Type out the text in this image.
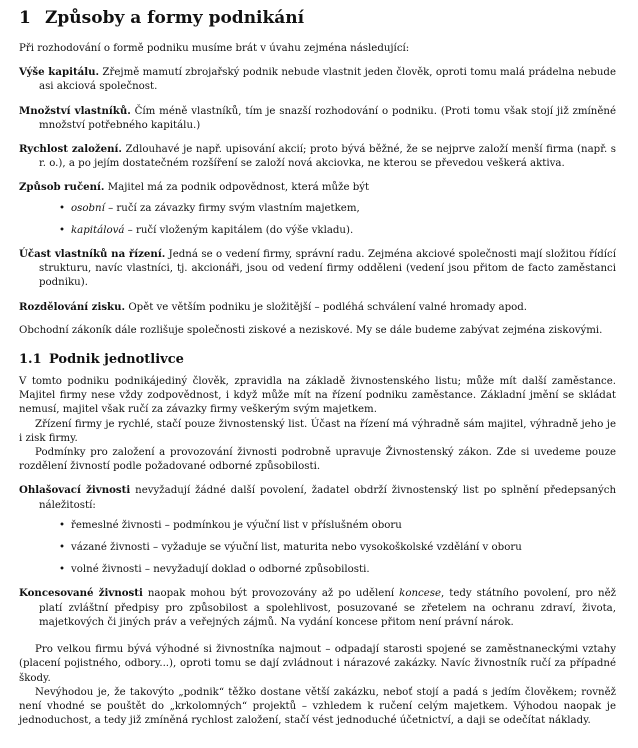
1 Způsoby a formy podnikání

Při rozhodování o formě podniku musíme brát v úvahu zejména následující:

Výše kapitálu. Zřejmě mamutí zbrojařský podnik nebude vlastnit jeden člověk, oproti tomu malá prádelna nebude asi akciová společnost.
Množství vlastníků. Čím méně vlastníků, tím je snazší rozhodování o podniku. (Proti tomu však stojí již zmíněné množství potřebného kapitálu.)
Rychlost založení. Zdlouhavé je např. upisování akcií; proto bývá běžné, že se nejprve založí menší firma (např. s r. o.), a po jejím dostatečném rozšíření se založí nová akciovka, ne kterou se převedou veškerá aktiva.
Způsob ručení. Majitel má za podnik odpovědnost, která může být
• osobní – ručí za závazky firmy svým vlastním majetkem,
• kapitálová – ručí vloženým kapitálem (do výše vkladu).
Účast vlastníků na řízení. Jedná se o vedení firmy, správní radu. Zejména akciové společnosti mají složitou řídící strukturu, navíc vlastníci, tj. akcionáři, jsou od vedení firmy odděleni (vedení jsou přitom de facto zaměstanci podniku).
Rozdělování zisku. Opět ve větším podniku je složitější – podléhá schválení valné hromady apod.

Obchodní zákoník dále rozlišuje společnosti ziskové a neziskové. My se dále budeme zabývat zejména ziskovými.

1.1 Podnik jednotlivce

V tomto podniku podnikájediný člověk, zpravidla na základě živnostenského listu; může mít další zaměstance. Majitel firmy nese vždy zodpovědnost, i když může mít na řízení podniku zaměstance. Základní jmění se skládat nemusí, majitel však ručí za závazky firmy veškerým svým majetkem.

Zřízení firmy je rychlé, stačí pouze živnostenský list. Účast na řízení má výhradně sám majitel, výhradně jeho je i zisk firmy.

Podmínky pro založení a provozování živnosti podrobně upravuje Živnostenský zákon. Zde si uvedeme pouze rozdělení živností podle požadované odborné způsobilosti.

Ohlašovací živnosti nevyžadují žádné další povolení, žadatel obdrží živnostenský list po splnění předepsaných náležitostí:
• řemeslné živnosti – podmínkou je výuční list v příslušném oboru
• vázané živnosti – vyžaduje se výuční list, maturita nebo vysokoškolské vzdělání v oboru
• volné živnosti – nevyžadují doklad o odborné způsobilosti.
Koncesované živnosti naopak mohou být provozovány až po udělení koncese, tedy státního povolení, pro něž platí zvláštní předpisy pro způsobilost a spolehlivost, posuzované se zřetelem na ochranu zdraví, života, majetkových či jiných práv a veřejných zájmů. Na vydání koncese přitom není právní nárok.

Pro velkou firmu bývá výhodné si živnostníka najmout – odpadají starosti spojené se zaměstnaneckými vztahy (placení pojistného, odbory...), oproti tomu se dají zvládnout i nárazové zakázky. Navíc živnostník ručí za případné škody.

Nevýhodou je, že takovýto „podnik“ těžko dostane větší zakázku, neboť stojí a padá s jedím člověkem; rovněž není vhodné se pouštět do „krkolomných“ projektů – vzhledem k ručení celým majetkem. Výhodou naopak je jednoduchost, a tedy již zmíněná rychlost založení, stačí vést jednoduché účetnictví, a daji se odečítat náklady.
